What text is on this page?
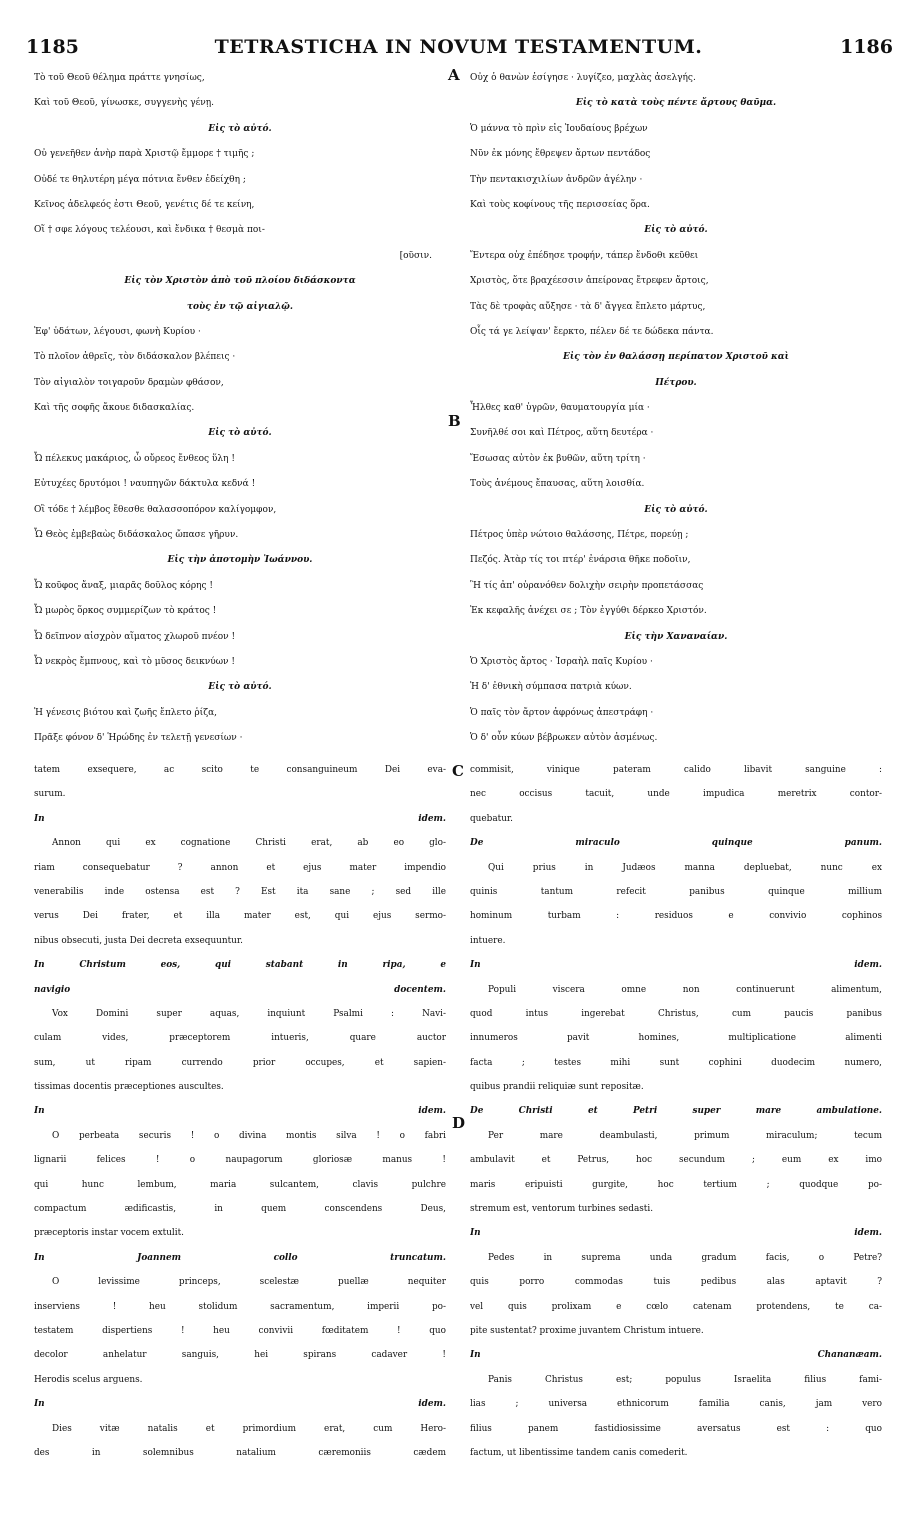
1185	TETRASTICHA IN NOVUM TESTAMENTUM.	1186
Τὸ τοῦ Θεοῦ θέλημα πράττε γνησίως,
Καὶ τοῦ Θεοῦ, γίνωσκε, συγγενὴς γένῃ.
Εἰς τὸ αὐτό.
Οὐ γενεῆθεν ἀνὴρ παρὰ Χριστῷ ἔμμορε † τιμῆς ;
Οὐδέ τε θηλυτέρη μέγα πότνια ἔνθεν ἐδείχθη ;
Κεῖνος ἀδελφεός ἐστι Θεοῦ, γενέτις δέ τε κείνη,
Οἵ † σφε λόγους τελέουσι, καὶ ἔνδικα † θεσμὰ ποι-
[οῦσιν.
Εἰς τὸν Χριστὸν ἀπὸ τοῦ πλοίου διδάσκοντα
τοὺς ἐν τῷ αἰγιαλῷ.
Ἐφ' ὑδάτων, λέγουσι, φωνὴ Κυρίου ·
Τὸ πλοῖον ἀθρεῖς, τὸν διδάσκαλον βλέπεις ·
Τὸν αἰγιαλὸν τοιγαροῦν δραμὼν φθάσον,
Καὶ τῆς σοφῆς ἄκουε διδασκαλίας.
Εἰς τὸ αὐτό.
Ὦ πέλεκυς μακάριος, ὦ οὔρεος ἔνθεος ὕλη !
Εὐτυχέες δρυτόμοι ! ναυπηγῶν δάκτυλα κεδνά !
Οἳ τόδε † λέμβος ἔθεσθε θαλασσοπόρον καλίγομφον,
Ὧ Θεὸς ἐμβεβαὼς διδάσκαλος ὤπασε γῆρυν.
Εἰς τὴν ἀποτομὴν Ἰωάννου.
Ὦ κοῦφος ἄναξ, μιαρᾶς δοῦλος κόρης !
Ὦ μωρὸς ὅρκος συμμερίζων τὸ κράτος !
Ὦ δεῖπνον αἰσχρὸν αἵματος χλωροῦ πνέον !
Ὦ νεκρὸς ἔμπνους, καὶ τὸ μῦσος δεικνύων !
Εἰς τὸ αὐτό.
Ἡ γένεσις βιότου καὶ ζωῆς ἔπλετο ῥίζα,
Πρᾶξε φόνον δ' Ἡρώδης ἐν τελετῇ γενεσίων ·
Οὐχ ὁ θανὼν ἐσίγησε · λυγίζεο, μαχλὰς ἀσελγής.
Εἰς τὸ κατὰ τοὺς πέντε ἄρτους θαῦμα.
Ὁ μάννα τὸ πρὶν εἰς Ἰουδαίους βρέχων
Νῦν ἐκ μόνης ἔθρεψεν ἄρτων πεντάδος
Τὴν πεντακισχιλίων ἀνδρῶν ἀγέλην ·
Καὶ τοὺς κοφίνους τῆς περισσείας ὅρα.
Εἰς τὸ αὐτό.
Ἔντερα οὐχ ἐπέδησε τροφήν, τάπερ ἔνδοθι κεῦθει
Χριστὸς, ὅτε βραχέεσσιν ἀπείρονας ἔτρεφεν ἄρτοις,
Τὰς δὲ τροφὰς αὔξησε · τὰ δ' ἄγγεα ἔπλετο μάρτυς,
Οἷς τά γε λείψαν' ἔερκτο, πέλεν δέ τε δώδεκα πάντα.
Εἰς τὸν ἐν θαλάσσῃ περίπατον Χριστοῦ καὶ
Πέτρου.
Ἦλθες καθ' ὑγρῶν, θαυματουργία μία ·
Συνῆλθέ σοι καὶ Πέτρος, αὕτη δευτέρα ·
Ἔσωσας αὐτὸν ἐκ βυθῶν, αὕτη τρίτη ·
Τοὺς ἀνέμους ἔπαυσας, αὕτη λοισθία.
Εἰς τὸ αὐτό.
Πέτρος ὑπὲρ νώτοιο θαλάσσης, Πέτρε, πορεύῃ ;
Πεζός. Ἀτὰρ τίς τοι πτέρ' ἐνάρσια θῆκε ποδοῖιν,
Ἢ τίς ἀπ' οὐρανόθεν δολιχὴν σειρὴν προπετάσσας
Ἐκ κεφαλῆς ἀνέχει σε ; Τὸν ἐγγύθι δέρκεο Χριστόν.
Εἰς τὴν Χαναναίαν.
Ὁ Χριστὸς ἄρτος · Ἰσραὴλ παῖς Κυρίου ·
Ἡ δ' ἐθνικὴ σύμπασα πατριὰ κύων.
Ὁ παῖς τὸν ἄρτον ἀφρόνως ἀπεστράφη ·
Ὁ δ' οὖν κύων βέβρωκεν αὐτὸν ἀσμένως.
tatem exsequere, ac scito te consanguineum Dei eva-
surum.
In idem.
Annon qui ex cognatione Christi erat, ab eo glo-
riam consequebatur ? annon et ejus mater impendio
venerabilis inde ostensa est ? Est ita sane ; sed ille
verus Dei frater, et illa mater est, qui ejus sermo-
nibus obsecuti, justa Dei decreta exsequuntur.
In Christum eos, qui stabant in ripa, e
navigio docentem.
Vox Domini super aquas, inquiunt Psalmi : Navi-
culam vides, præceptorem intueris, quare auctor
sum, ut ripam currendo prior occupes, et sapien-
tissimas docentis præceptiones auscultes.
In idem.
O perbeata securis ! o divina montis silva ! o fabri
lignarii felices ! o naupagorum gloriosæ manus !
qui hunc lembum, maria sulcantem, clavis pulchre
compactum ædificastis, in quem conscendens Deus,
præceptoris instar vocem extulit.
In Joannem collo truncatum.
O levissime princeps, scelestæ puellæ nequiter
inserviens ! heu stolidum sacramentum, imperii po-
testatem dispertiens ! heu convivii fœditatem ! quo
decolor anhelatur sanguis, hei spirans cadaver !
Herodis scelus arguens.
In idem.
Dies vitæ natalis et primordium erat, cum Hero-
des in solemnibus natalium cæremoniis cædem
commisit, vinique pateram calido libavit sanguine :
nec occisus tacuit, unde impudica meretrix contor-
quebatur.
De miraculo quinque panum.
Qui prius in Judæos manna depluebat, nunc ex
quinis tantum refecit panibus quinque millium
hominum turbam : residuos e convivio cophinos
intuere.
In idem.
Populi viscera omne non continuerunt alimentum,
quod intus ingerebat Christus, cum paucis panibus
innumeros pavit homines, multiplicatione alimenti
facta ; testes mihi sunt cophini duodecim numero,
quibus prandii reliquiæ sunt repositæ.
De Christi et Petri super mare ambulatione.
Per mare deambulasti, primum miraculum; tecum
ambulavit et Petrus, hoc secundum ; eum ex imo
maris eripuisti gurgite, hoc tertium ; quodque po-
stremum est, ventorum turbines sedasti.
In idem.
Pedes in suprema unda gradum facis, o Petre?
quis porro commodas tuis pedibus alas aptavit ?
vel quis prolixam e cœlo catenam protendens, te ca-
pite sustentat? proxime juvantem Christum intuere.
In Chananæam.
Panis Christus est; populus Israelita filius fami-
lias ; universa ethnicorum familia canis, jam vero
filius panem fastidiosissime aversatus est : quo
factum, ut libentissime tandem canis comederit.
A
B
C
D
